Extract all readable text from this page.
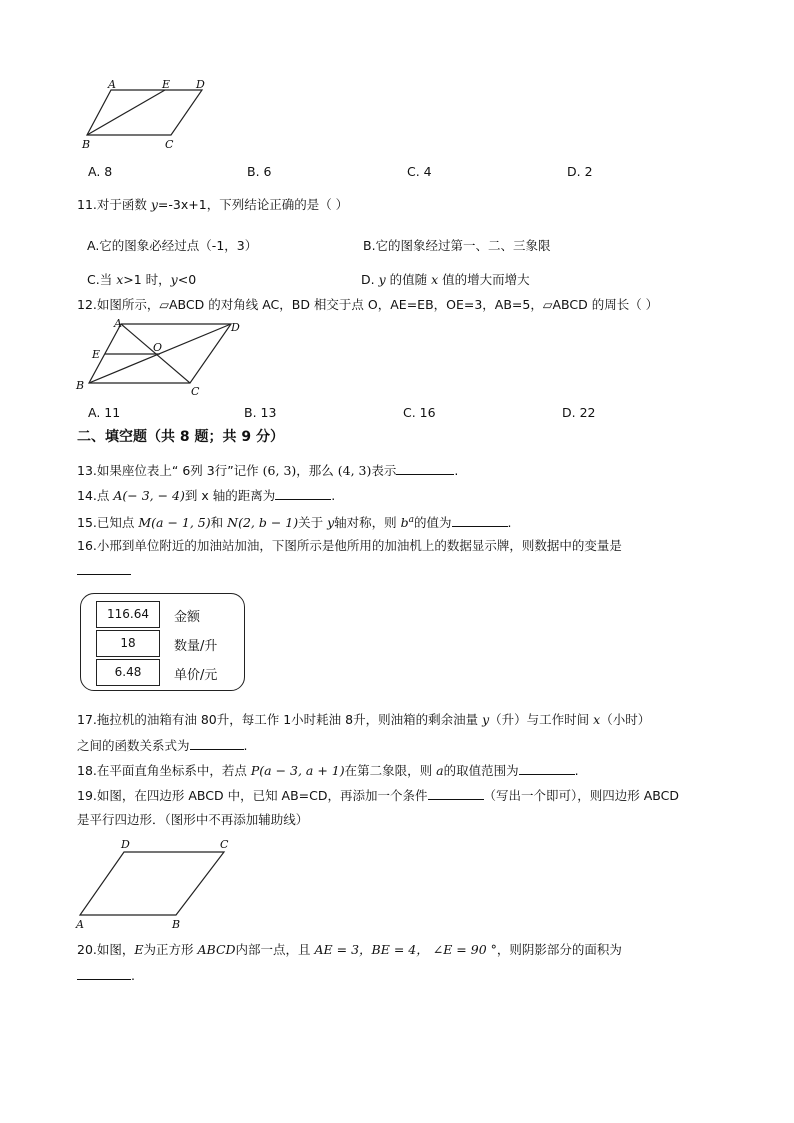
A	E D
B	C
A. 8	B. 6	C. 4	D. 2
11.对于函数 y=-3x+1，下列结论正确的是（ ）
A.它的图象必经过点（-1，3）	B.它的图象经过第一、二、三象限
C.当 x>1 时，y<0	D. y 的值随 x 值的增大而增大
12.如图所示，▱ABCD 的对角线 AC，BD 相交于点 O，AE=EB，OE=3，AB=5，▱ABCD 的周长（ ）
A	D
E
O
B	C
A. 11	B. 13	C. 16	D. 22
二、填空题（共 8 题；共 9 分）
13.如果座位表上“ 6列 3行”记作 (6, 3)，那么 (4, 3)表示	.
14.点 A(− 3, − 4)到 x 轴的距离为	.
15.已知点 M(a − 1, 5)和 N(2, b − 1)关于 y轴对称，则 $b^a$的值为	.
16.小邢到单位附近的加油站加油，下图所示是他所用的加油机上的数据显示牌，则数据中的变量是
116.64	金额
18	数量/升
6.48	单价/元
17.拖拉机的油箱有油 80升，每工作 1小时耗油 8升，则油箱的剩余油量 y（升）与工作时间 x（小时）
之间的函数关系式为	.
18.在平面直角坐标系中，若点 P(a − 3, a + 1)在第二象限，则 a的取值范围为	.
19.如图，在四边形 ABCD 中，已知 AB=CD，再添加一个条件	（写出一个即可），则四边形 ABCD
是平行四边形．（图形中不再添加辅助线）
D	C
A	B
20.如图，E为正方形 ABCD内部一点，且 AE = 3，BE = 4， ∠E = 90 °，则阴影部分的面积为
.
